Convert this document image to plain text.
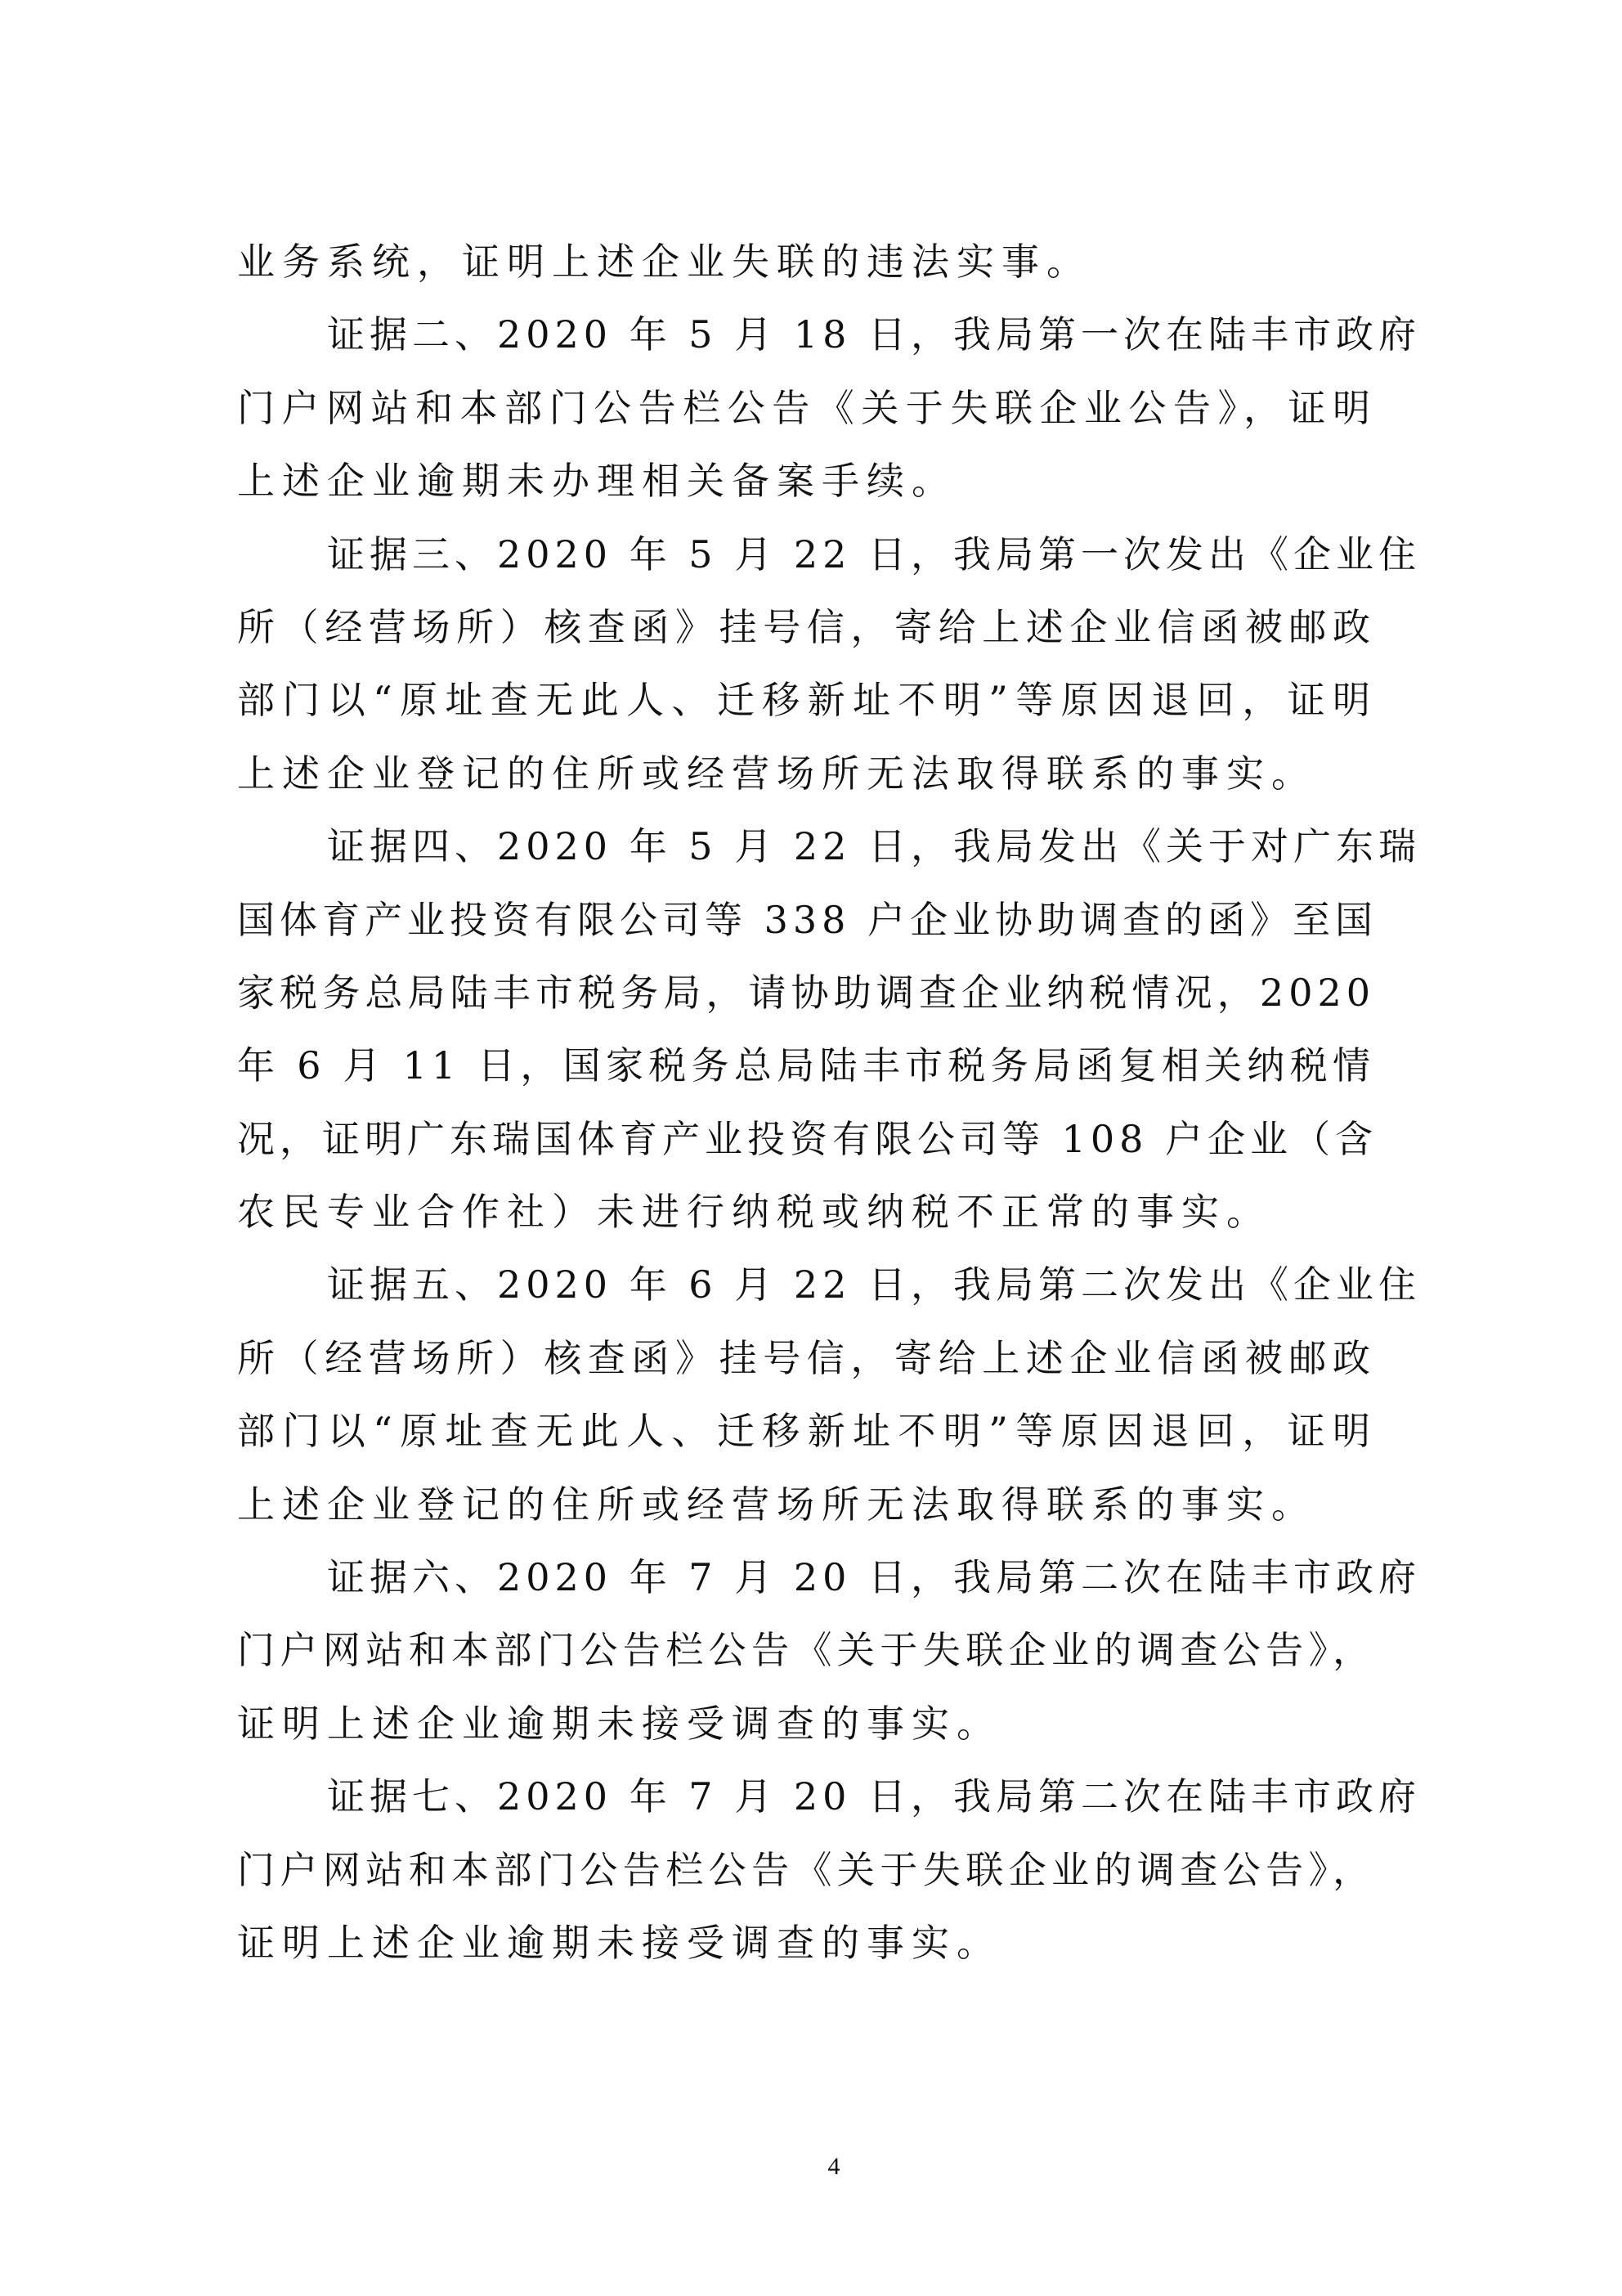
业务系统，证明上述企业失联的违法实事。
证据二、2020 年 5 月 18 日，我局第一次在陆丰市政府
门户网站和本部门公告栏公告《关于失联企业公告》，证明
上述企业逾期未办理相关备案手续。
证据三、2020 年 5 月 22 日，我局第一次发出《企业住
所（经营场所）核查函》挂号信，寄给上述企业信函被邮政
部门以“原址查无此人、迁移新址不明”等原因退回，证明
上述企业登记的住所或经营场所无法取得联系的事实。
证据四、2020 年 5 月 22 日，我局发出《关于对广东瑞
国体育产业投资有限公司等 338 户企业协助调查的函》至国
家税务总局陆丰市税务局，请协助调查企业纳税情况，2020
年 6 月 11 日，国家税务总局陆丰市税务局函复相关纳税情
况，证明广东瑞国体育产业投资有限公司等 108 户企业（含
农民专业合作社）未进行纳税或纳税不正常的事实。
证据五、2020 年 6 月 22 日，我局第二次发出《企业住
所（经营场所）核查函》挂号信，寄给上述企业信函被邮政
部门以“原址查无此人、迁移新址不明”等原因退回，证明
上述企业登记的住所或经营场所无法取得联系的事实。
证据六、2020 年 7 月 20 日，我局第二次在陆丰市政府
门户网站和本部门公告栏公告《关于失联企业的调查公告》，
证明上述企业逾期未接受调查的事实。
证据七、2020 年 7 月 20 日，我局第二次在陆丰市政府
门户网站和本部门公告栏公告《关于失联企业的调查公告》，
证明上述企业逾期未接受调查的事实。
4
